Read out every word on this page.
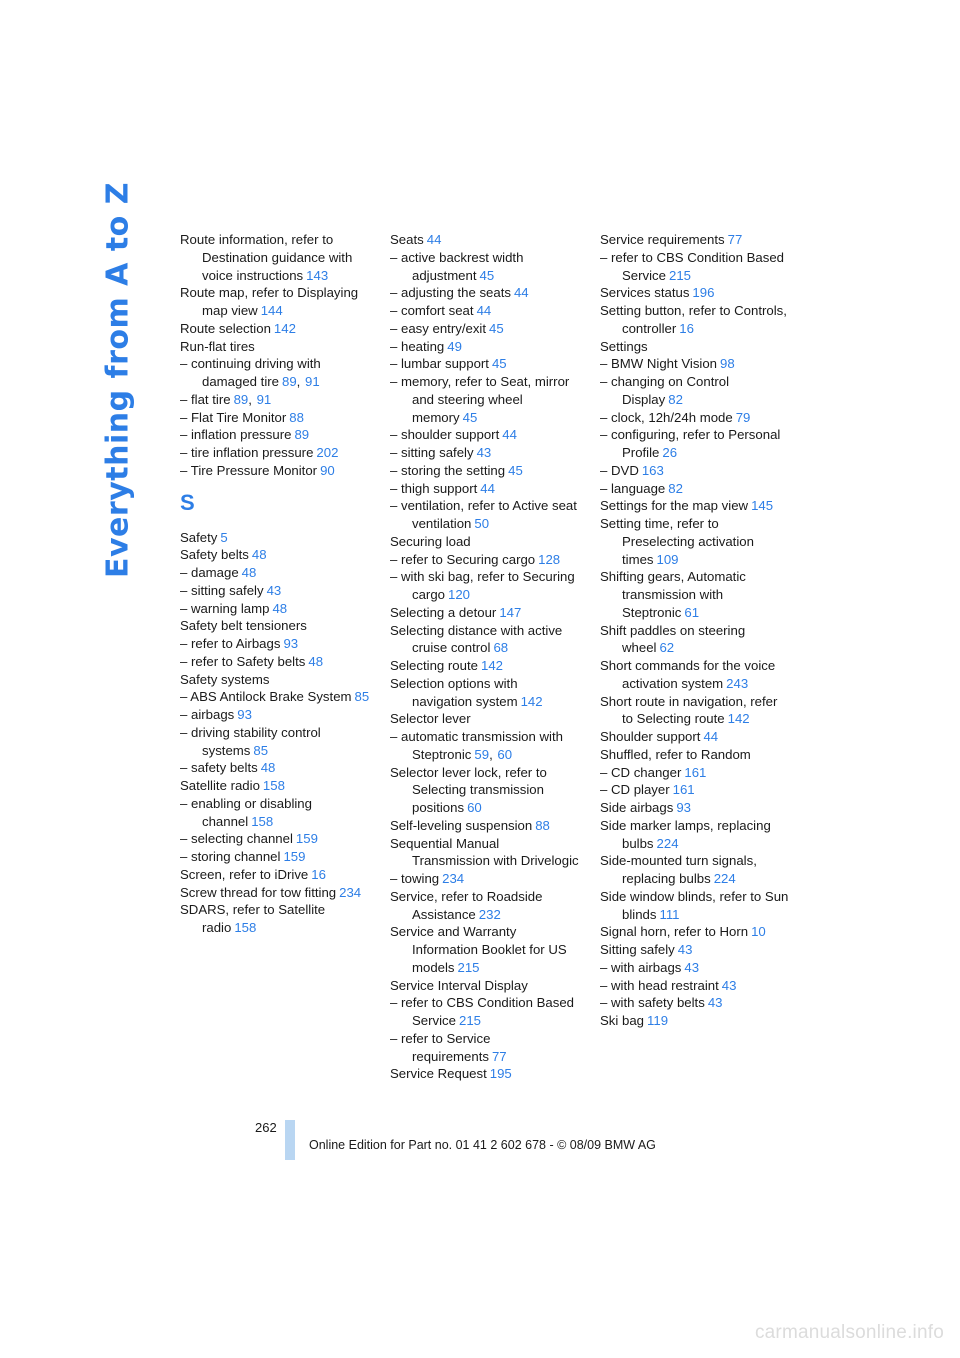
Everything from A to Z	Route information, refer to Destination guidance with voice instructions 143
Route map, refer to Displaying map view 144
Route selection 142
Run-flat tires
– continuing driving with damaged tire 89, 91
– flat tire 89, 91
– Flat Tire Monitor 88
– inflation pressure 89
– tire inflation pressure 202
– Tire Pressure Monitor 90
S
Safety 5
Safety belts 48
– damage 48
– sitting safely 43
– warning lamp 48
Safety belt tensioners
– refer to Airbags 93
– refer to Safety belts 48
Safety systems
– ABS Antilock Brake System 85
– airbags 93
– driving stability control systems 85
– safety belts 48
Satellite radio 158
– enabling or disabling channel 158
– selecting channel 159
– storing channel 159
Screen, refer to iDrive 16
Screw thread for tow fitting 234
SDARS, refer to Satellite radio 158
Seats 44
– active backrest width adjustment 45
– adjusting the seats 44
– comfort seat 44
– easy entry/exit 45
– heating 49
– lumbar support 45
– memory, refer to Seat, mirror and steering wheel memory 45
– shoulder support 44
– sitting safely 43
– storing the setting 45
– thigh support 44
– ventilation, refer to Active seat ventilation 50
Securing load
– refer to Securing cargo 128
– with ski bag, refer to Securing cargo 120
Selecting a detour 147
Selecting distance with active cruise control 68
Selecting route 142
Selection options with navigation system 142
Selector lever
– automatic transmission with Steptronic 59, 60
Selector lever lock, refer to Selecting transmission positions 60
Self-leveling suspension 88
Sequential Manual Transmission with Drivelogic
– towing 234
Service, refer to Roadside Assistance 232
Service and Warranty Information Booklet for US models 215
Service Interval Display
– refer to CBS Condition Based Service 215
– refer to Service requirements 77
Service Request 195
Service requirements 77
– refer to CBS Condition Based Service 215
Services status 196
Setting button, refer to Controls, controller 16
Settings
– BMW Night Vision 98
– changing on Control Display 82
– clock, 12h/24h mode 79
– configuring, refer to Personal Profile 26
– DVD 163
– language 82
Settings for the map view 145
Setting time, refer to Preselecting activation times 109
Shifting gears, Automatic transmission with Steptronic 61
Shift paddles on steering wheel 62
Short commands for the voice activation system 243
Short route in navigation, refer to Selecting route 142
Shoulder support 44
Shuffled, refer to Random
– CD changer 161
– CD player 161
Side airbags 93
Side marker lamps, replacing bulbs 224
Side-mounted turn signals, replacing bulbs 224
Side window blinds, refer to Sun blinds 111
Signal horn, refer to Horn 10
Sitting safely 43
– with airbags 43
– with head restraint 43
– with safety belts 43
Ski bag 119
262
Online Edition for Part no. 01 41 2 602 678 - © 08/09 BMW AG
carmanualsonline.info
